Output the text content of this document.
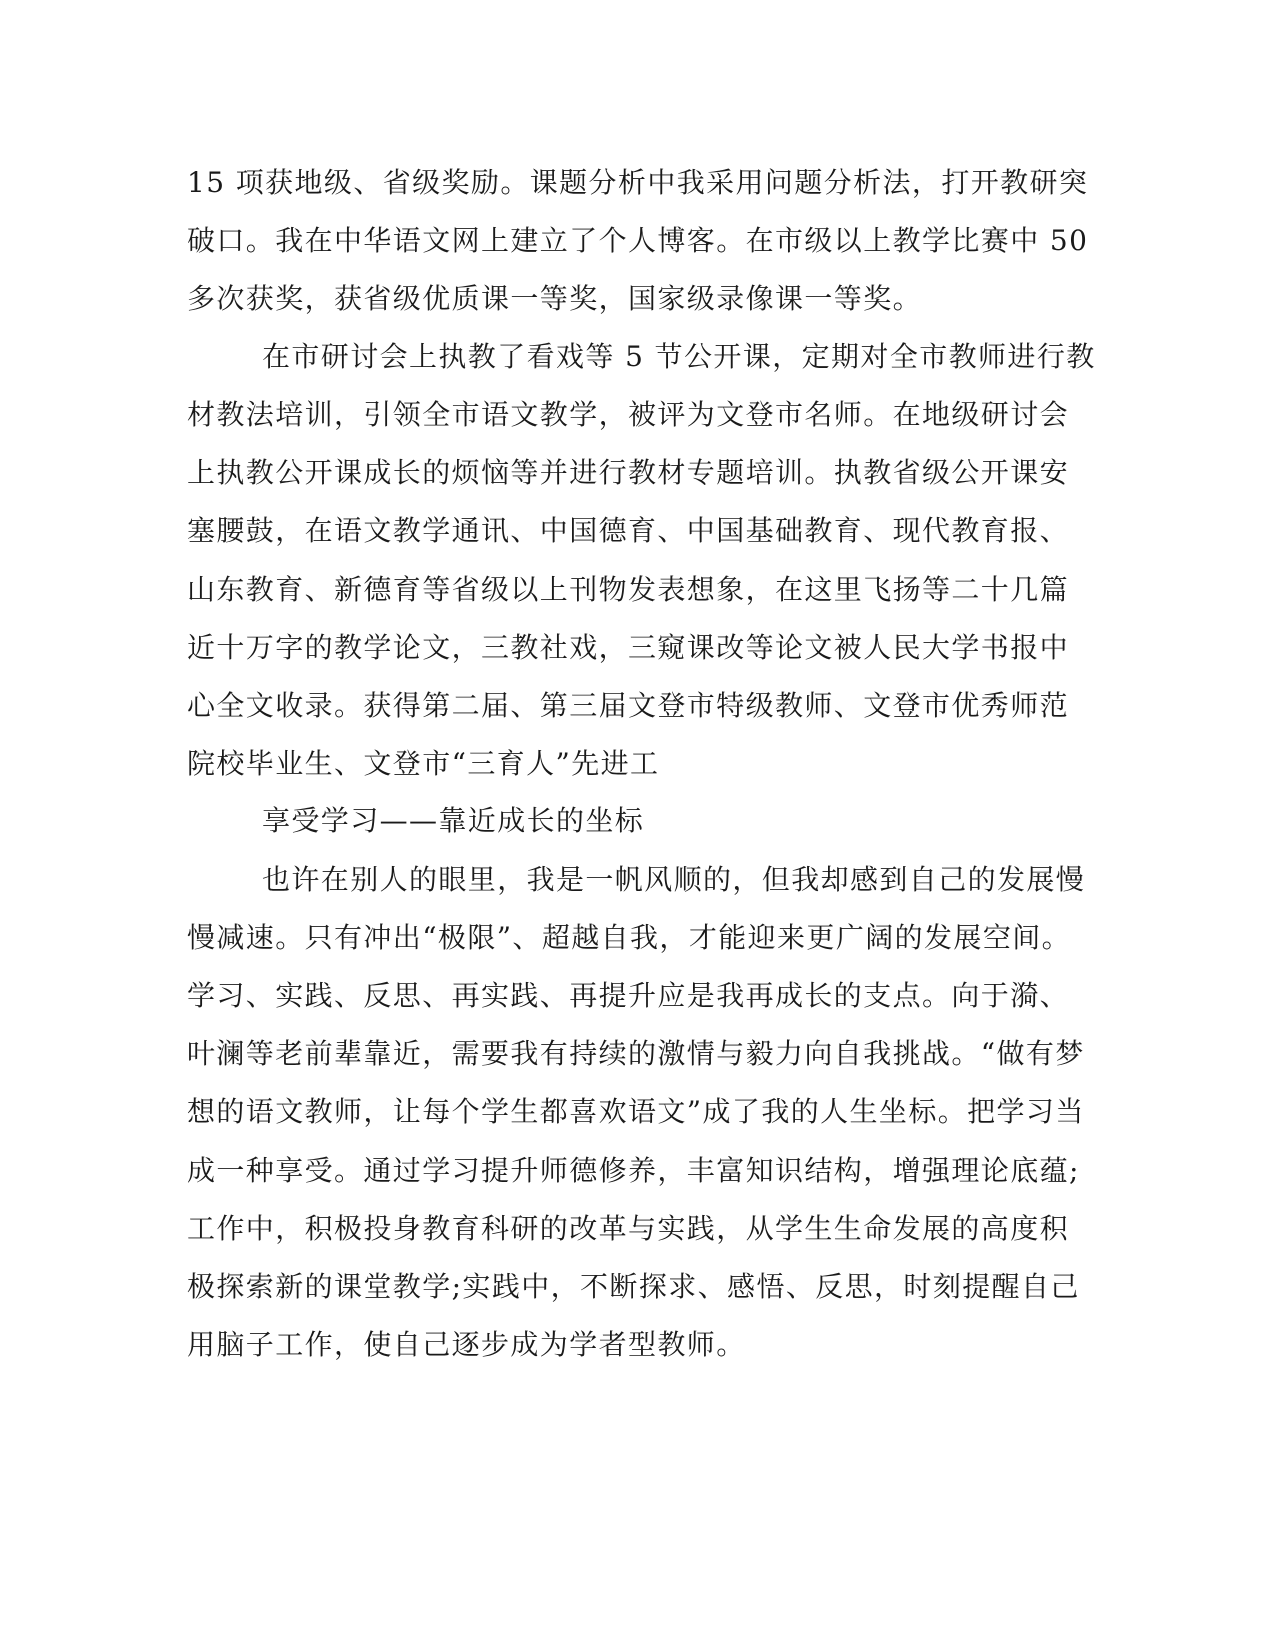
15 项获地级、省级奖励。课题分析中我采用问题分析法，打开教研突

破口。我在中华语文网上建立了个人博客。在市级以上教学比赛中 50

多次获奖，获省级优质课一等奖，国家级录像课一等奖。

在市研讨会上执教了看戏等 5 节公开课，定期对全市教师进行教

材教法培训，引领全市语文教学，被评为文登市名师。在地级研讨会

上执教公开课成长的烦恼等并进行教材专题培训。执教省级公开课安

塞腰鼓，在语文教学通讯、中国德育、中国基础教育、现代教育报、

山东教育、新德育等省级以上刊物发表想象，在这里飞扬等二十几篇

近十万字的教学论文，三教社戏，三窥课改等论文被人民大学书报中

心全文收录。获得第二届、第三届文登市特级教师、文登市优秀师范

院校毕业生、文登市“三育人”先进工

享受学习——靠近成长的坐标

也许在别人的眼里，我是一帆风顺的，但我却感到自己的发展慢

慢减速。只有冲出“极限”、超越自我，才能迎来更广阔的发展空间。

学习、实践、反思、再实践、再提升应是我再成长的支点。向于漪、

叶澜等老前辈靠近，需要我有持续的激情与毅力向自我挑战。“做有梦

想的语文教师，让每个学生都喜欢语文”成了我的人生坐标。把学习当

成一种享受。通过学习提升师德修养，丰富知识结构，增强理论底蕴;

工作中，积极投身教育科研的改革与实践，从学生生命发展的高度积

极探索新的课堂教学;实践中，不断探求、感悟、反思，时刻提醒自己

用脑子工作，使自己逐步成为学者型教师。
